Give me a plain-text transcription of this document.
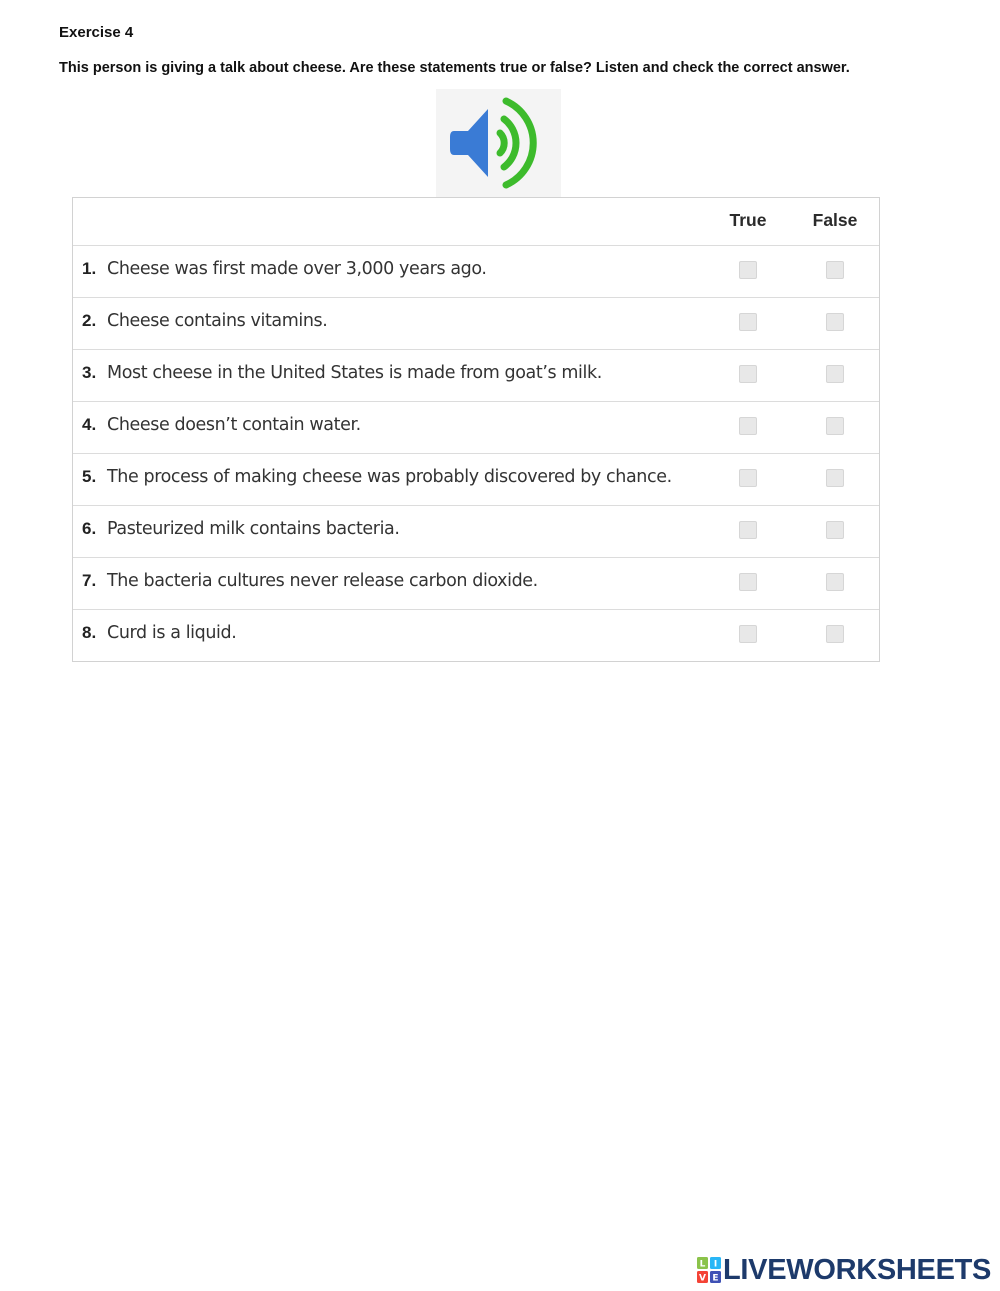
Exercise 4

This person is giving a talk about cheese. Are these statements true or false? Listen and check the correct answer.

True	False
1. Cheese was first made over 3,000 years ago.
2. Cheese contains vitamins.
3. Most cheese in the United States is made from goat’s milk.
4. Cheese doesn’t contain water.
5. The process of making cheese was probably discovered by chance.
6. Pasteurized milk contains bacteria.
7. The bacteria cultures never release carbon dioxide.
8. Curd is a liquid.
L I
V E LIVEWORKSHEETS
